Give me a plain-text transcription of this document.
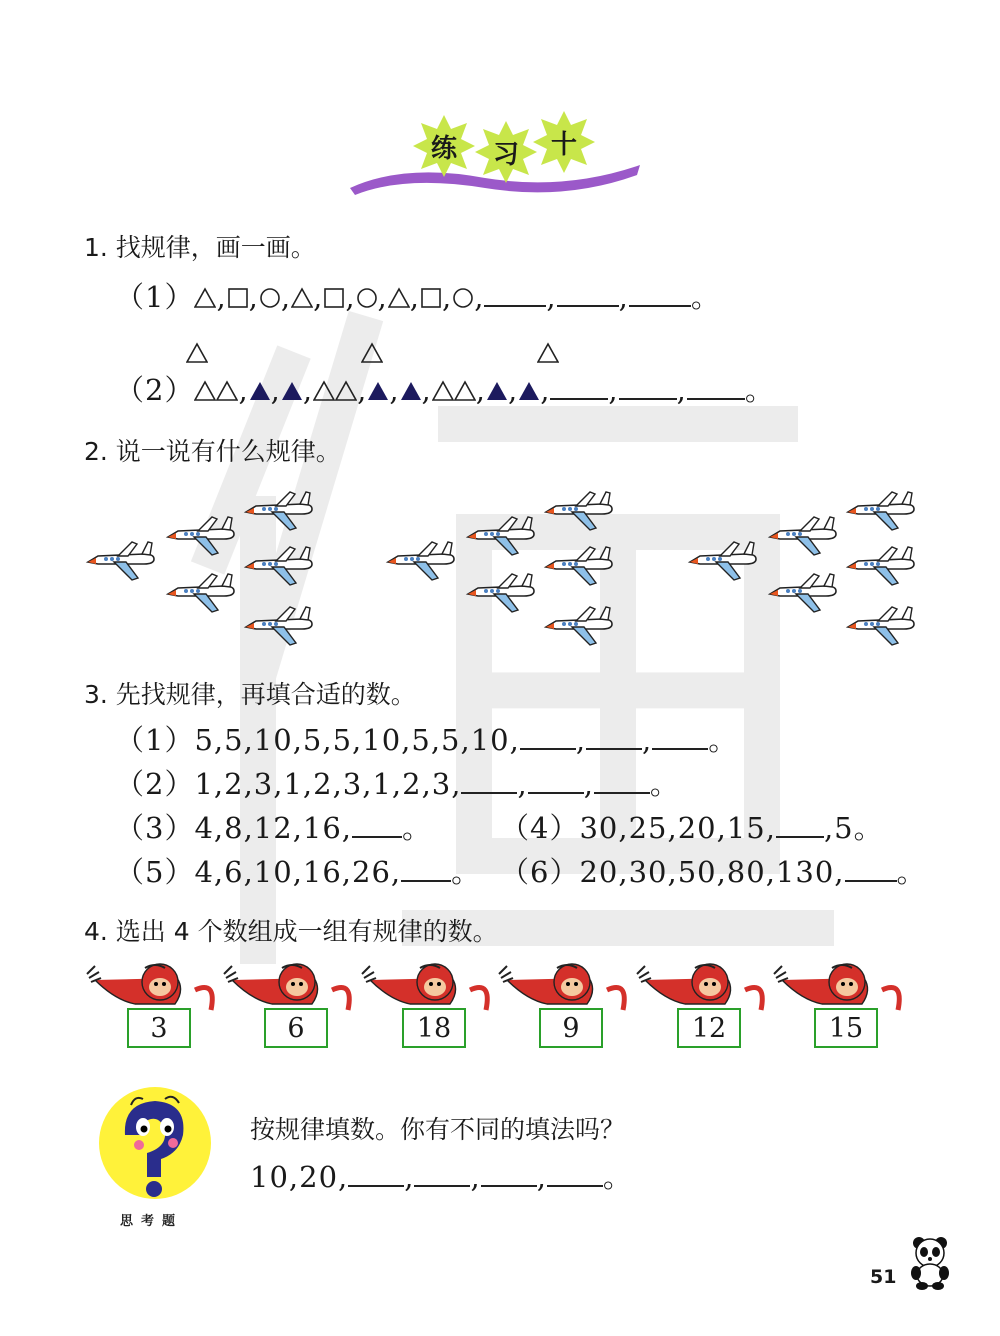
练 习 十
1. 找规律，画一画。
（1） , , , , , , , , , , , 。
（2） , , , , , , , , , , , 。
2. 说一说有什么规律。
3. 先找规律，再填合适的数。
（1）5,5,10,5,5,10,5,5,10, , , 。
（2）1,2,3,1,2,3,1,2,3, , , 。
（3）4,8,12,16, 。 （4）30,25,20,15, ,5。
（5）4,6,10,16,26, 。 （6）20,30,50,80,130, 。
4. 选出 4 个数组成一组有规律的数。
3	6	18	9	12	15
思考题
按规律填数。你有不同的填法吗？
10,20, , , , 。
51
